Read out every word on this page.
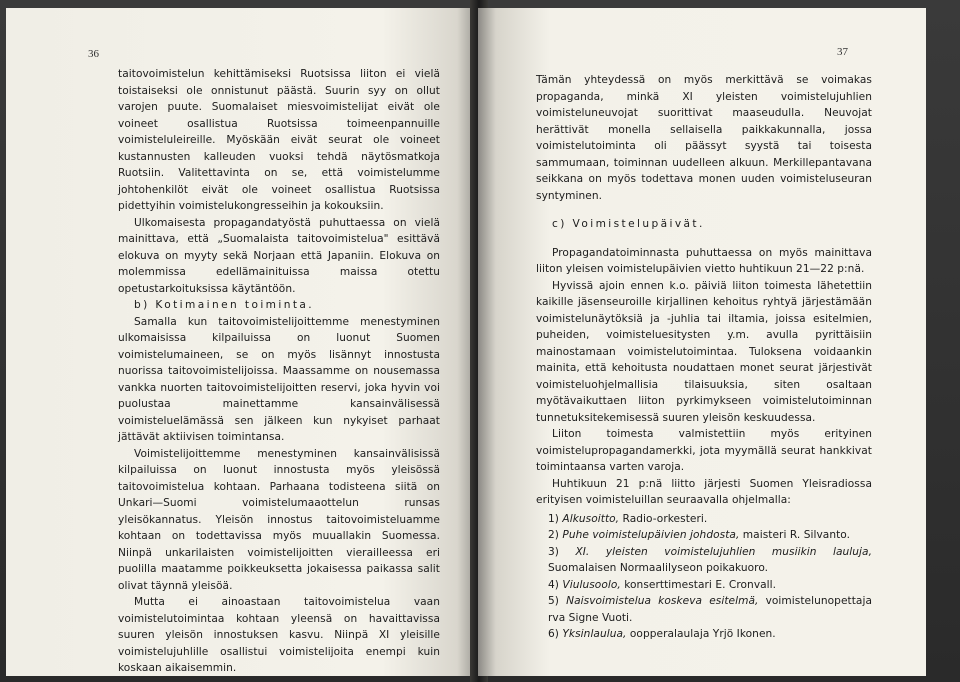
36

taitovoimistelun kehittämiseksi Ruotsissa liiton ei vielä toistaiseksi ole onnistunut päästä. Suurin syy on ollut varojen puute. Suomalaiset miesvoimistelijat eivät ole voineet osallistua Ruotsissa toimeenpannuille voimisteluleireille. Myöskään eivät seurat ole voineet kustannusten kalleuden vuoksi tehdä näytösmatkoja Ruotsiin. Valitettavinta on se, että voimistelumme johtohenkilöt eivät ole voineet osallistua Ruotsissa pidettyihin voimistelukongresseihin ja kokouksiin.

Ulkomaisesta propagandatyöstä puhuttaessa on vielä mainittava, että „Suomalaista taitovoimistelua" esittävä elokuva on myyty sekä Norjaan että Japaniin. Elokuva on molemmissa edellämainituissa maissa otettu opetustarkoituksissa käytäntöön.

b) Kotimainen toiminta.

Samalla kun taitovoimistelijoittemme menestyminen ulkomaisissa kilpailuissa on luonut Suomen voimistelumaineen, se on myös lisännyt innostusta nuorissa taitovoimistelijoissa. Maassamme on nousemassa vankka nuorten taitovoimistelijoitten reservi, joka hyvin voi puolustaa mainettamme kansainvälisessä voimisteluelämässä sen jälkeen kun nykyiset parhaat jättävät aktiivisen toimintansa.

Voimistelijoittemme menestyminen kansainvälisissä kilpailuissa on luonut innostusta myös yleisössä taitovoimistelua kohtaan. Parhaana todisteena siitä on Unkari—Suomi voimistelumaaottelun runsas yleisökannatus. Yleisön innostus taitovoimisteluamme kohtaan on todettavissa myös muuallakin Suomessa. Niinpä unkarilaisten voimistelijoitten vierailleessa eri puolilla maatamme poikkeuksetta jokaisessa paikassa salit olivat täynnä yleisöä.

Mutta ei ainoastaan taitovoimistelua vaan voimistelutoimintaa kohtaan yleensä on havaittavissa suuren yleisön innostuksen kasvu. Niinpä XI yleisille voimistelujuhlille osallistui voimistelijoita enempi kuin koskaan aikaisemmin.

37

Tämän yhteydessä on myös merkittävä se voimakas propaganda, minkä XI yleisten voimistelujuhlien voimisteluneuvojat suorittivat maaseudulla. Neuvojat herättivät monella sellaisella paikkakunnalla, jossa voimistelutoiminta oli päässyt syystä tai toisesta sammumaan, toiminnan uudelleen alkuun. Merkillepantavana seikkana on myös todettava monen uuden voimisteluseuran syntyminen.

c) Voimistelupäivät.

Propagandatoiminnasta puhuttaessa on myös mainittava liiton yleisen voimistelupäivien vietto huhtikuun 21—22 p:nä.

Hyvissä ajoin ennen k.o. päiviä liiton toimesta lähetettiin kaikille jäsenseuroille kirjallinen kehoitus ryhtyä järjestämään voimistelunäytöksiä ja -juhlia tai iltamia, joissa esitelmien, puheiden, voimisteluesitysten y.m. avulla pyrittäisiin mainostamaan voimistelutoimintaa. Tuloksena voidaankin mainita, että kehoitusta noudattaen monet seurat järjestivät voimisteluohjelmallisia tilaisuuksia, siten osaltaan myötävaikuttaen liiton pyrkimykseen voimistelutoiminnan tunnetuksitekemisessä suuren yleisön keskuudessa.

Liiton toimesta valmistettiin myös erityinen voimistelupropagandamerkki, jota myymällä seurat hankkivat toimintaansa varten varoja.

Huhtikuun 21 p:nä liitto järjesti Suomen Yleisradiossa erityisen voimisteluillan seuraavalla ohjelmalla:

1) Alkusoitto, Radio-orkesteri.
2) Puhe voimistelupäivien johdosta, maisteri R. Silvanto.
3) XI. yleisten voimistelujuhlien musiikin lauluja, Suomalaisen Normaalilyseon poikakuoro.
4) Viulusoolo, konserttimestari E. Cronvall.
5) Naisvoimistelua koskeva esitelmä, voimistelunopettaja rva Signe Vuoti.
6) Yksinlaulua, oopperalaulaja Yrjö Ikonen.
